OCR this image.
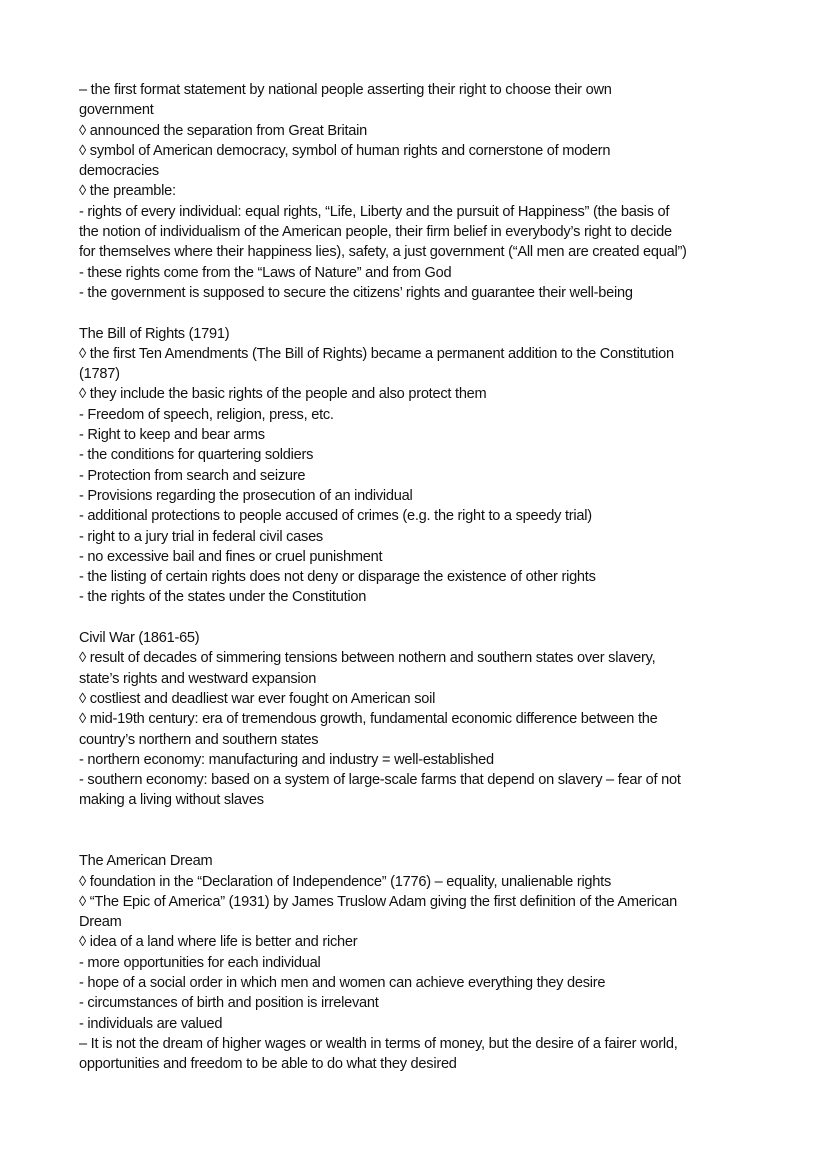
– the first format statement by national people asserting their right to choose their own
government
◊ announced the separation from Great Britain
◊ symbol of American democracy, symbol of human rights and cornerstone of modern
democracies
◊ the preamble:
- rights of every individual: equal rights, “Life, Liberty and the pursuit of Happiness” (the basis of
the notion of individualism of the American people, their firm belief in everybody’s right to decide
for themselves where their happiness lies), safety, a just government (“All men are created equal”)
- these rights come from the “Laws of Nature” and from God
- the government is supposed to secure the citizens’ rights and guarantee their well-being
The Bill of Rights (1791)
◊ the first Ten Amendments (The Bill of Rights) became a permanent addition to the Constitution
(1787)
◊ they include the basic rights of the people and also protect them
- Freedom of speech, religion, press, etc.
- Right to keep and bear arms
- the conditions for quartering soldiers
- Protection from search and seizure
- Provisions regarding the prosecution of an individual
- additional protections to people accused of crimes (e.g. the right to a speedy trial)
- right to a jury trial in federal civil cases
- no excessive bail and fines or cruel punishment
- the listing of certain rights does not deny or disparage the existence of other rights
- the rights of the states under the Constitution
Civil War (1861-65)
◊ result of decades of simmering tensions between nothern and southern states over slavery,
state’s rights and westward expansion
◊ costliest and deadliest war ever fought on American soil
◊ mid-19th century: era of tremendous growth, fundamental economic difference between the
country’s northern and southern states
- northern economy: manufacturing and industry = well-established
- southern economy: based on a system of large-scale farms that depend on slavery – fear of not
making a living without slaves
The American Dream
◊ foundation in the “Declaration of Independence” (1776) – equality, unalienable rights
◊ “The Epic of America” (1931) by James Truslow Adam giving the first definition of the American
Dream
◊ idea of a land where life is better and richer
- more opportunities for each individual
- hope of a social order in which men and women can achieve everything they desire
- circumstances of birth and position is irrelevant
- individuals are valued
– It is not the dream of higher wages or wealth in terms of money, but the desire of a fairer world,
opportunities and freedom to be able to do what they desired
